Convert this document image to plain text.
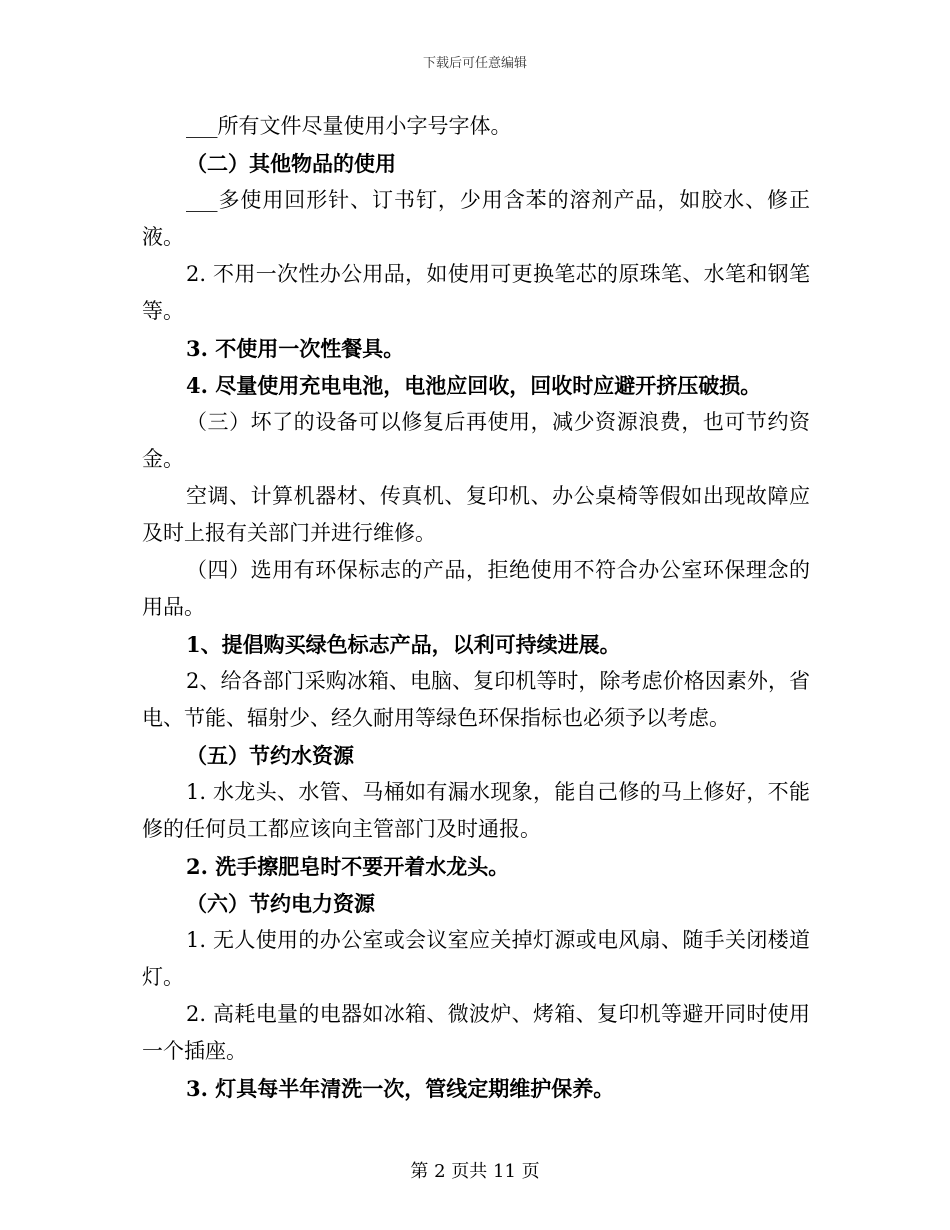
下载后可任意编辑

___所有文件尽量使用小字号字体。

（二）其他物品的使用

___多使用回形针、订书钉，少用含苯的溶剂产品，如胶水、修正液。

2. 不用一次性办公用品，如使用可更换笔芯的原珠笔、水笔和钢笔等。

3. 不使用一次性餐具。

4. 尽量使用充电电池，电池应回收，回收时应避开挤压破损。

（三）坏了的设备可以修复后再使用，减少资源浪费，也可节约资金。

空调、计算机器材、传真机、复印机、办公桌椅等假如出现故障应及时上报有关部门并进行维修。

（四）选用有环保标志的产品，拒绝使用不符合办公室环保理念的用品。

1、提倡购买绿色标志产品，以利可持续进展。

2、给各部门采购冰箱、电脑、复印机等时，除考虑价格因素外，省电、节能、辐射少、经久耐用等绿色环保指标也必须予以考虑。

（五）节约水资源

1. 水龙头、水管、马桶如有漏水现象，能自己修的马上修好，不能修的任何员工都应该向主管部门及时通报。

2. 洗手擦肥皂时不要开着水龙头。

（六）节约电力资源

1. 无人使用的办公室或会议室应关掉灯源或电风扇、随手关闭楼道灯。

2. 高耗电量的电器如冰箱、微波炉、烤箱、复印机等避开同时使用一个插座。

3. 灯具每半年清洗一次，管线定期维护保养。

第 2 页共 11 页
